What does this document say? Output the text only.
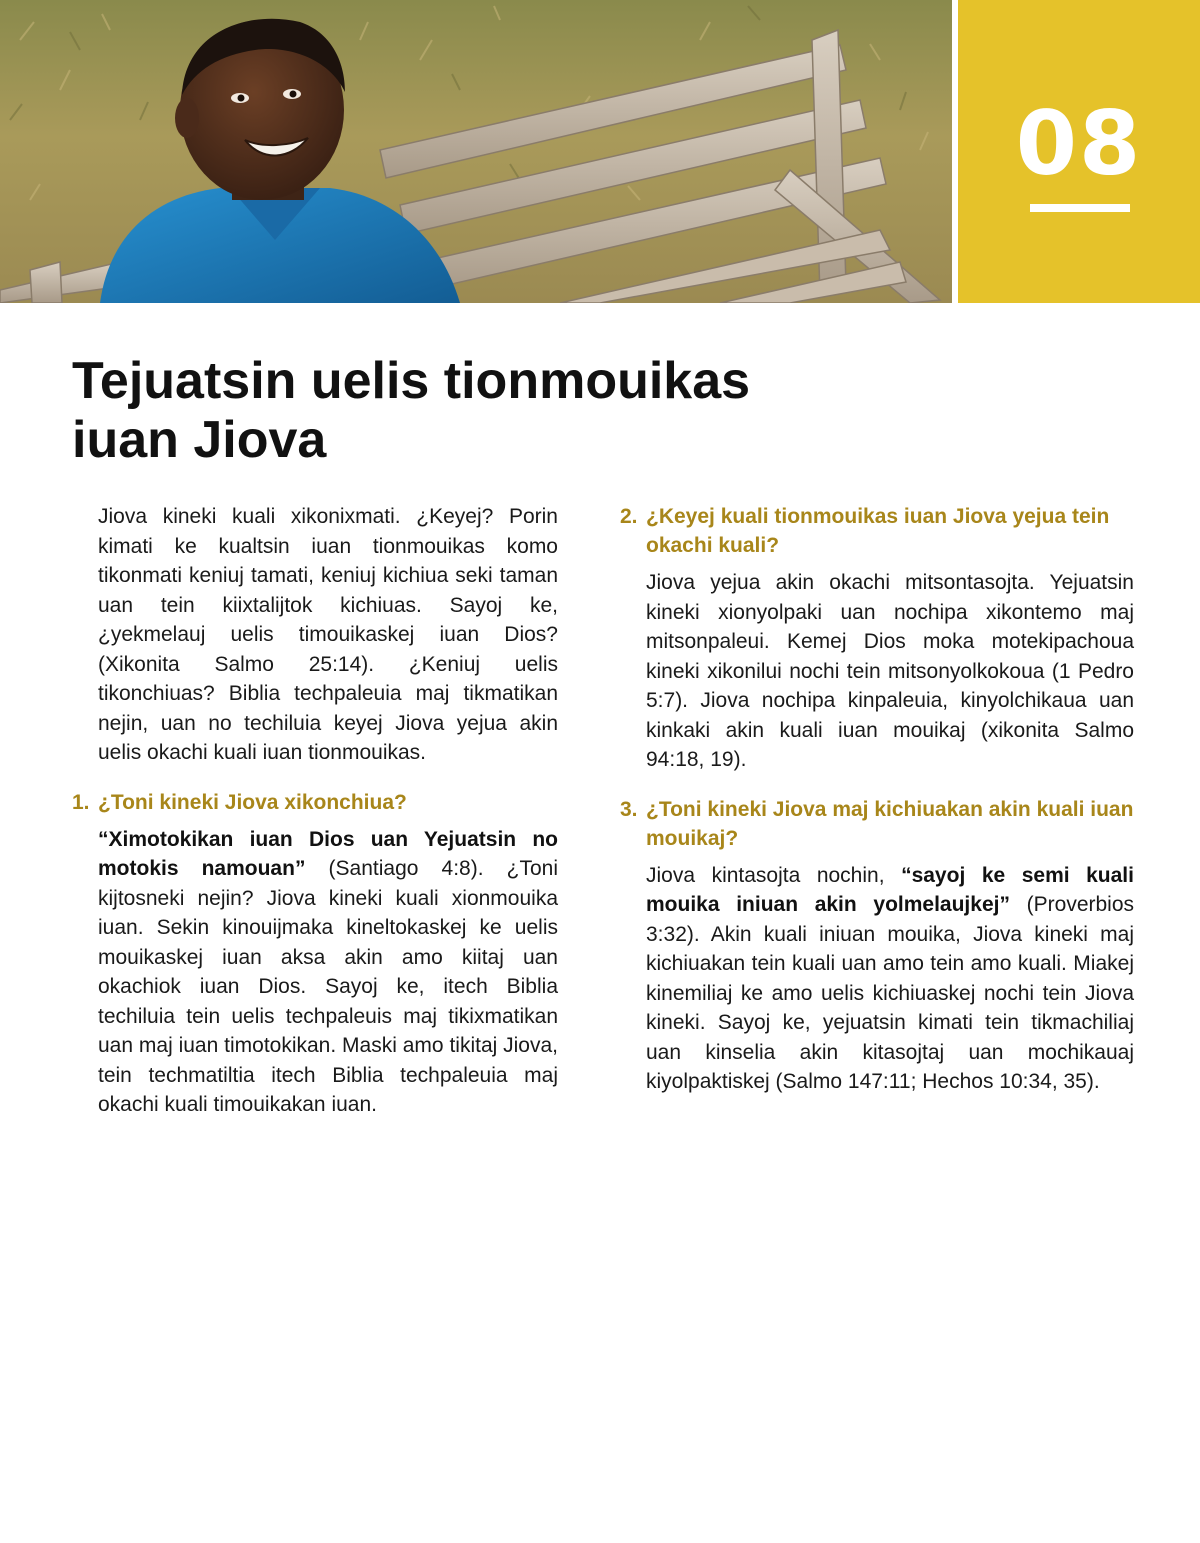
08
Tejuatsin uelis tionmouikas
iuan Jiova

Jiova kineki kuali xikonixmati. ¿Keyej? Porin kimati ke kualtsin iuan tionmouikas komo tikonmati keniuj tamati, keniuj kichiua seki taman uan tein kiixtalijtok kichiuas. Sayoj ke, ¿yekmelauj uelis timouikaskej iuan Dios? (Xikonita Salmo 25:14). ¿Keniuj uelis tikonchiuas? Biblia techpaleuia maj tikmatikan nejin, uan no techiluia keyej Jiova yejua akin uelis okachi kuali iuan tionmouikas.

1. ¿Toni kineki Jiova xikonchiua?

“Ximotokikan iuan Dios uan Yejuatsin no motokis namouan” (Santiago 4:8). ¿Toni kijtosneki nejin? Jiova kineki kuali xionmouika iuan. Sekin kinouijmaka kineltokaskej ke uelis mouikaskej iuan aksa akin amo kiitaj uan okachiok iuan Dios. Sayoj ke, itech Biblia techiluia tein uelis techpaleuis maj tikixmatikan uan maj iuan timotokikan. Maski amo tikitaj Jiova, tein techmatiltia itech Biblia techpaleuia maj okachi kuali timouikakan iuan.

2. ¿Keyej kuali tionmouikas iuan Jiova yejua tein okachi kuali?

Jiova yejua akin okachi mitsontasojta. Yejuatsin kineki xionyolpaki uan nochipa xikontemo maj mitsonpaleui. Kemej Dios moka motekipachoua kineki xikonilui nochi tein mitsonyolkokoua (1 Pedro 5:7). Jiova nochipa kinpaleuia, kinyolchikaua uan kinkaki akin kuali iuan mouikaj (xikonita Salmo 94:18, 19).

3. ¿Toni kineki Jiova maj kichiuakan akin kuali iuan mouikaj?

Jiova kintasojta nochin, “sayoj ke semi kuali mouika iniuan akin yolmelaujkej” (Proverbios 3:32). Akin kuali iniuan mouika, Jiova kineki maj kichiuakan tein kuali uan amo tein amo kuali. Miakej kinemiliaj ke amo uelis kichiuaskej nochi tein Jiova kineki. Sayoj ke, yejuatsin kimati tein tikmachiliaj uan kinselia akin kitasojtaj uan mochikauaj kiyolpaktiskej (Salmo 147:11; Hechos 10:34, 35).
